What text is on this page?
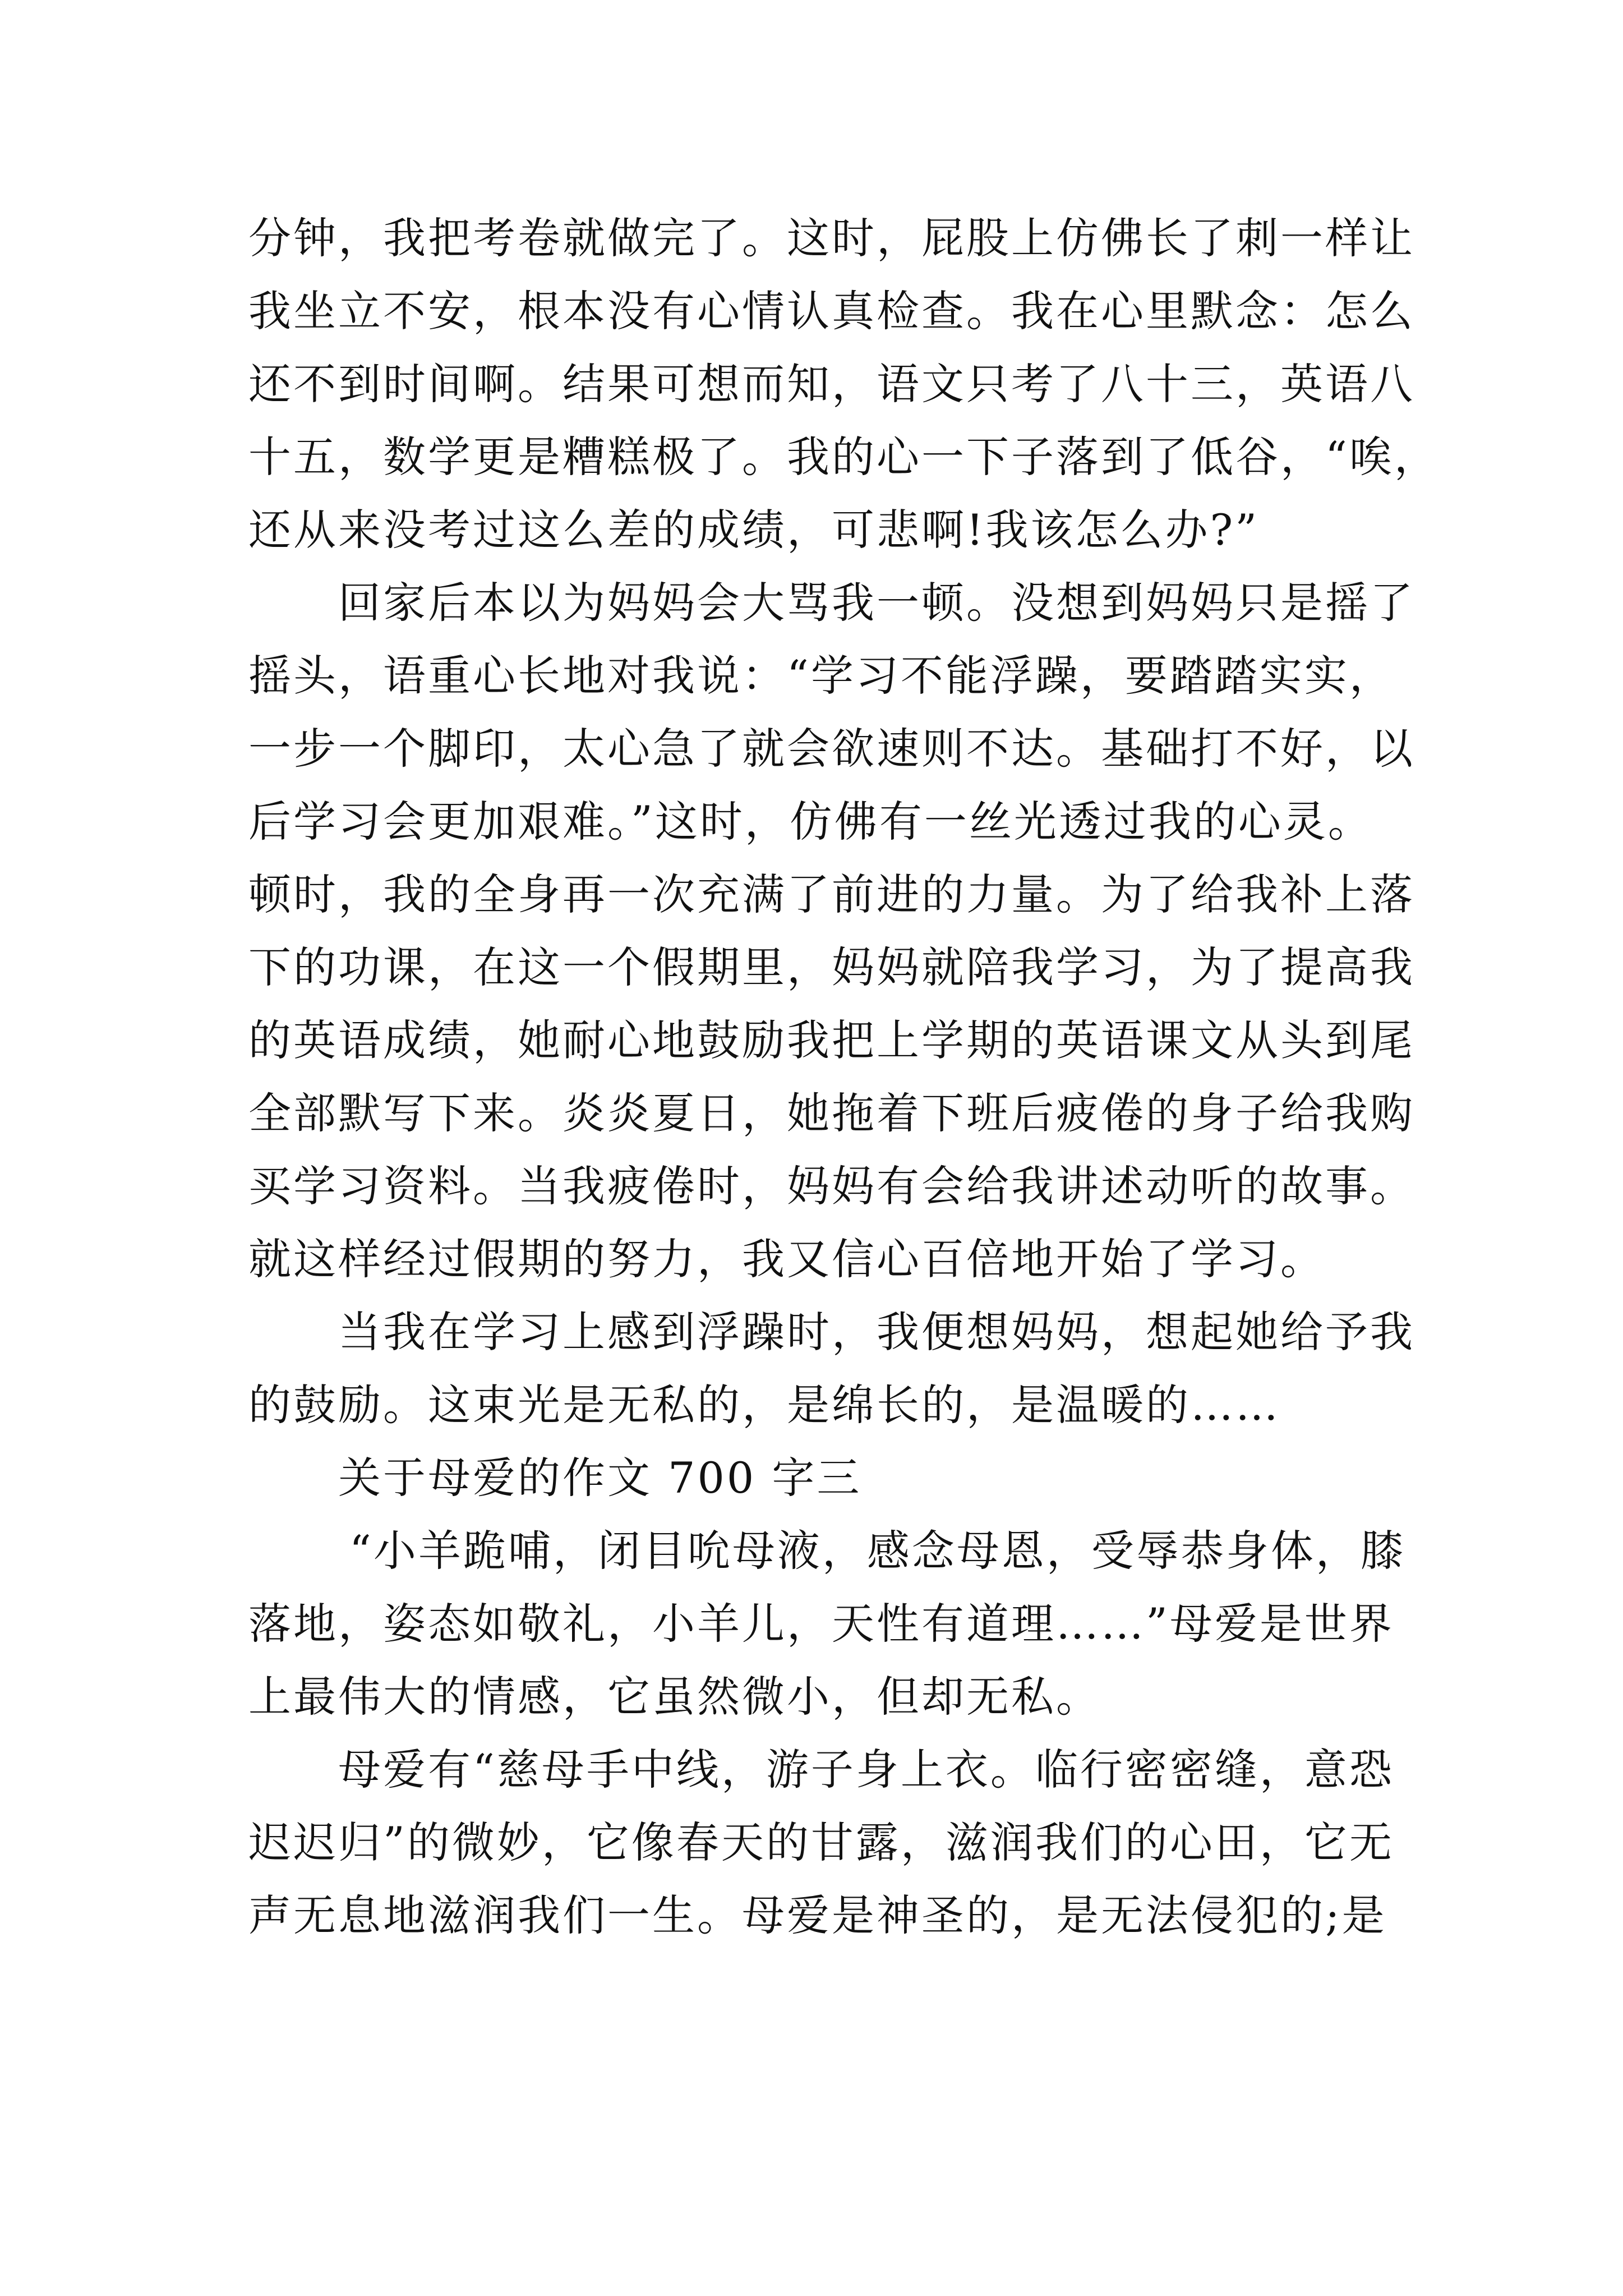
分钟，我把考卷就做完了。这时，屁股上仿佛长了刺一样让
我坐立不安，根本没有心情认真检查。我在心里默念：怎么
还不到时间啊。结果可想而知，语文只考了八十三，英语八
十五，数学更是糟糕极了。我的心一下子落到了低谷，“唉，
还从来没考过这么差的成绩，可悲啊!我该怎么办?”
回家后本以为妈妈会大骂我一顿。没想到妈妈只是摇了
摇头，语重心长地对我说：“学习不能浮躁，要踏踏实实，
一步一个脚印，太心急了就会欲速则不达。基础打不好，以
后学习会更加艰难。”这时，仿佛有一丝光透过我的心灵。
顿时，我的全身再一次充满了前进的力量。为了给我补上落
下的功课，在这一个假期里，妈妈就陪我学习，为了提高我
的英语成绩，她耐心地鼓励我把上学期的英语课文从头到尾
全部默写下来。炎炎夏日，她拖着下班后疲倦的身子给我购
买学习资料。当我疲倦时，妈妈有会给我讲述动听的故事。
就这样经过假期的努力，我又信心百倍地开始了学习。
当我在学习上感到浮躁时，我便想妈妈，想起她给予我
的鼓励。这束光是无私的，是绵长的，是温暖的……
关于母爱的作文 700 字三
“小羊跪哺，闭目吮母液，感念母恩，受辱恭身体，膝
落地，姿态如敬礼，小羊儿，天性有道理……”母爱是世界
上最伟大的情感，它虽然微小，但却无私。
母爱有“慈母手中线，游子身上衣。临行密密缝，意恐
迟迟归”的微妙，它像春天的甘露，滋润我们的心田，它无
声无息地滋润我们一生。母爱是神圣的，是无法侵犯的;是
